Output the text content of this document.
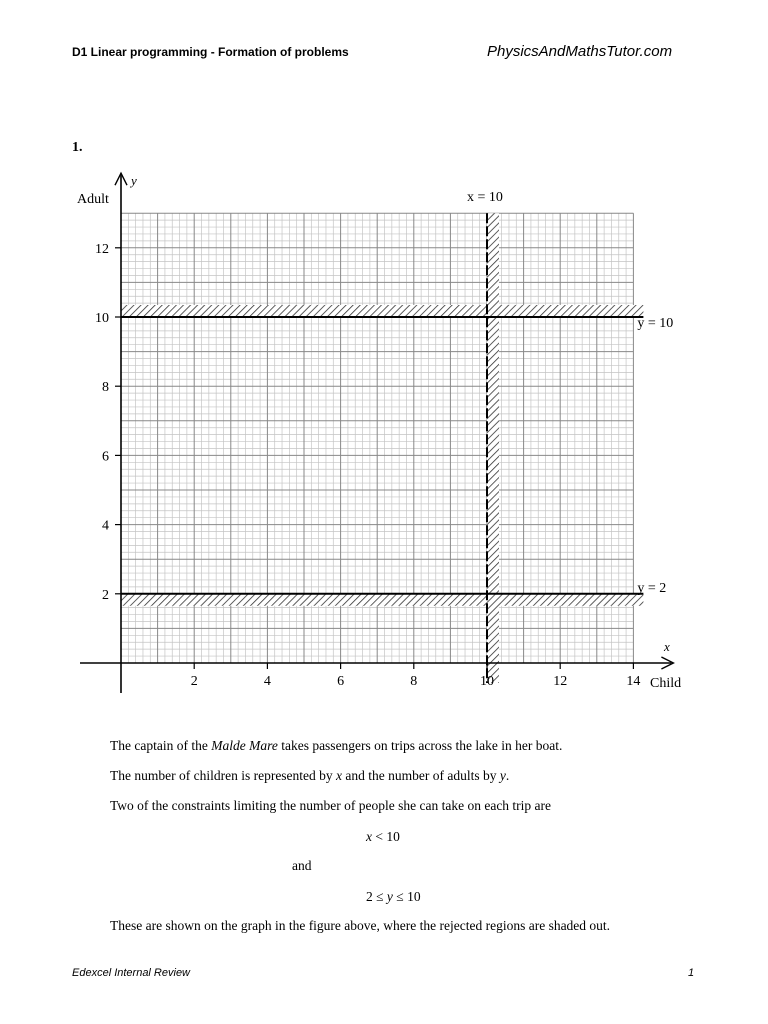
D1 Linear programming - Formation of problems	PhysicsAndMathsTutor.com
1.
x = 10
y = 10
y = 2
2	4	6	8	10	12	14
2
4
6
8
10
12
y
Adult
x
Child
The captain of the Malde Mare takes passengers on trips across the lake in her boat.
The number of children is represented by x and the number of adults by y.
Two of the constraints limiting the number of people she can take on each trip are
x < 10
and
2 ≤ y ≤ 10
These are shown on the graph in the figure above, where the rejected regions are shaded out.
Edexcel Internal Review	1
